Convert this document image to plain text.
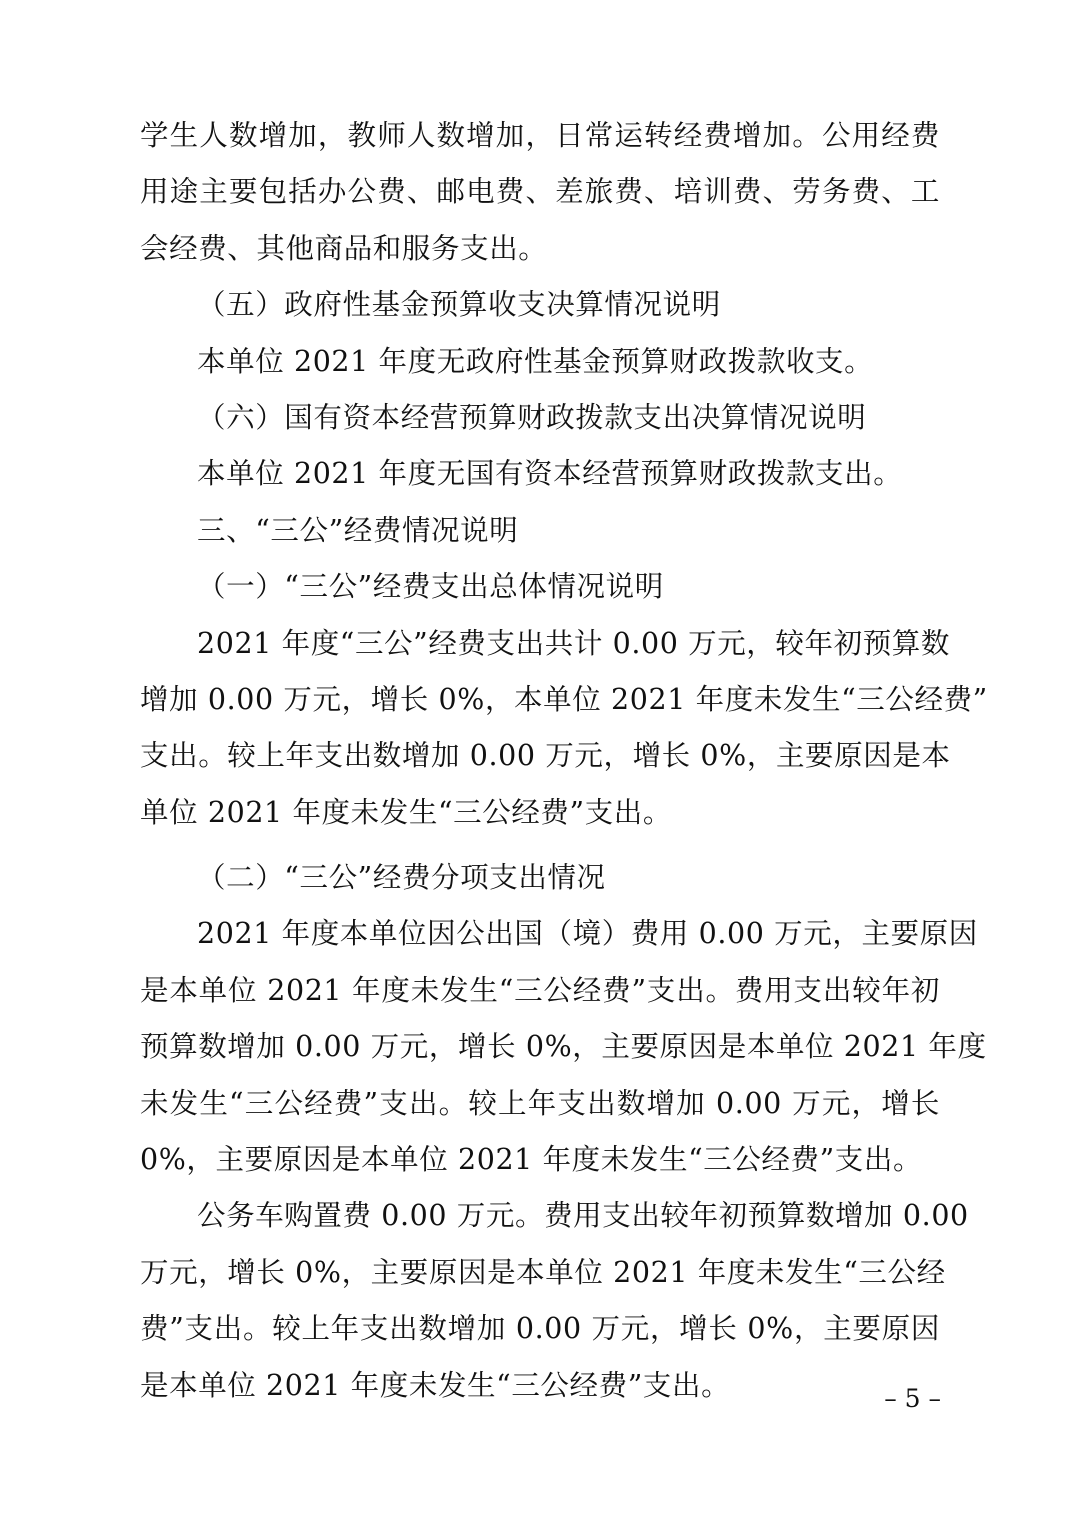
学生人数增加，教师人数增加，日常运转经费增加。公用经费
用途主要包括办公费、邮电费、差旅费、培训费、劳务费、工
会经费、其他商品和服务支出。
（五）政府性基金预算收支决算情况说明
本单位 2021 年度无政府性基金预算财政拨款收支。
（六）国有资本经营预算财政拨款支出决算情况说明
本单位 2021 年度无国有资本经营预算财政拨款支出。
三、“三公”经费情况说明
（一）“三公”经费支出总体情况说明
2021 年度“三公”经费支出共计 0.00 万元，较年初预算数
增加 0.00 万元，增长 0%，本单位 2021 年度未发生“三公经费”
支出。较上年支出数增加 0.00 万元，增长 0%，主要原因是本
单位 2021 年度未发生“三公经费”支出。
（二）“三公”经费分项支出情况
2021 年度本单位因公出国（境）费用 0.00 万元，主要原因
是本单位 2021 年度未发生“三公经费”支出。费用支出较年初
预算数增加 0.00 万元，增长 0%，主要原因是本单位 2021 年度
未发生“三公经费”支出。较上年支出数增加 0.00 万元，增长
0%，主要原因是本单位 2021 年度未发生“三公经费”支出。
公务车购置费 0.00 万元。费用支出较年初预算数增加 0.00
万元，增长 0%，主要原因是本单位 2021 年度未发生“三公经
费”支出。较上年支出数增加 0.00 万元，增长 0%，主要原因
是本单位 2021 年度未发生“三公经费”支出。	– 5 –
